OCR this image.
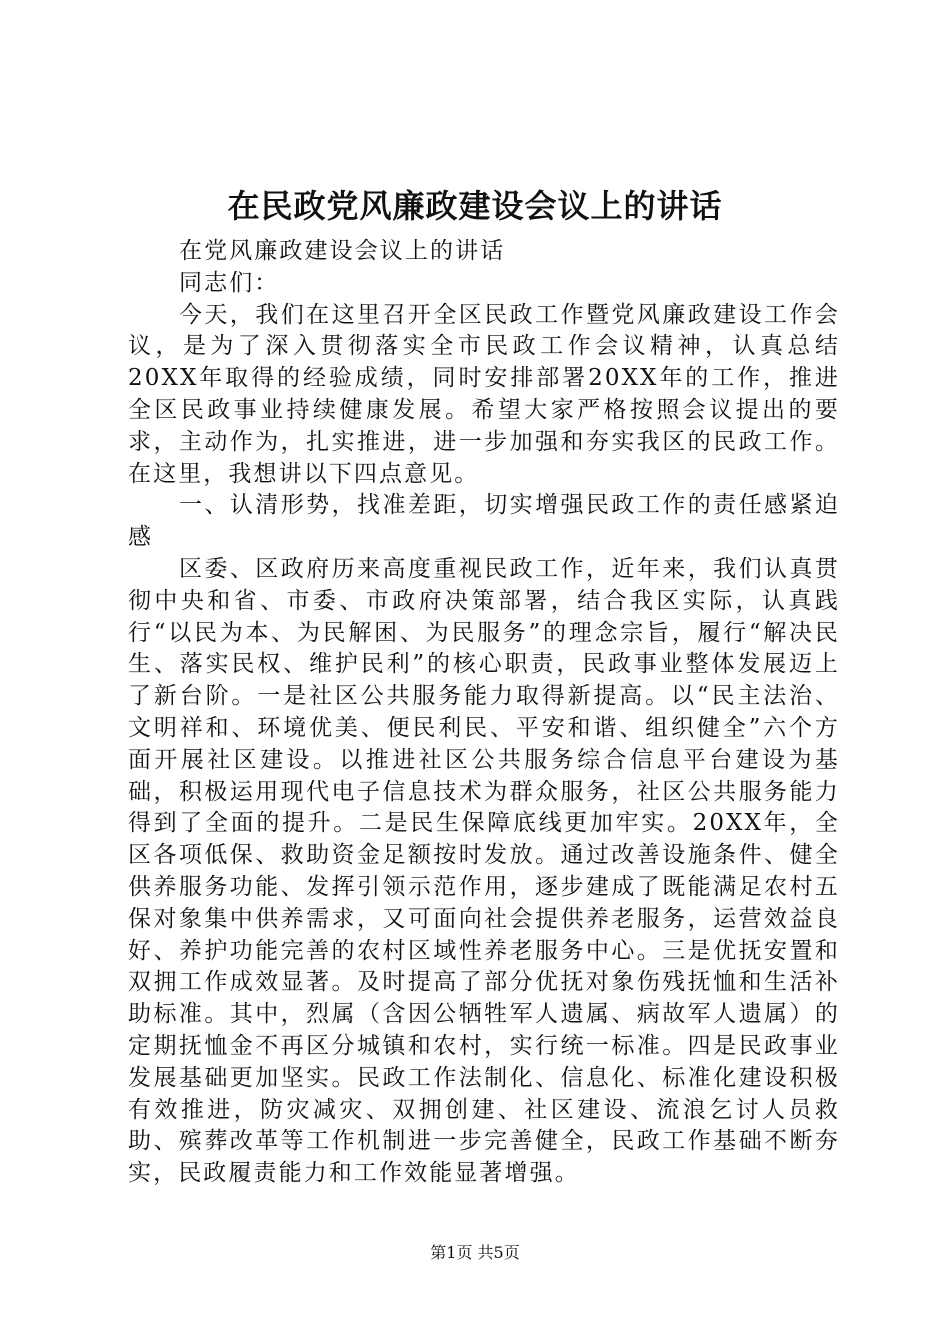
在民政党风廉政建设会议上的讲话

在党风廉政建设会议上的讲话

同志们：

今天，我们在这里召开全区民政工作暨党风廉政建设工作会议，是为了深入贯彻落实全市民政工作会议精神，认真总结20XX年取得的经验成绩，同时安排部署20XX年的工作，推进全区民政事业持续健康发展。希望大家严格按照会议提出的要求，主动作为，扎实推进，进一步加强和夯实我区的民政工作。在这里，我想讲以下四点意见。

一、认清形势，找准差距，切实增强民政工作的责任感紧迫感

区委、区政府历来高度重视民政工作，近年来，我们认真贯彻中央和省、市委、市政府决策部署，结合我区实际，认真践行“以民为本、为民解困、为民服务”的理念宗旨，履行“解决民生、落实民权、维护民利”的核心职责，民政事业整体发展迈上了新台阶。一是社区公共服务能力取得新提高。以“民主法治、文明祥和、环境优美、便民利民、平安和谐、组织健全”六个方面开展社区建设。以推进社区公共服务综合信息平台建设为基础，积极运用现代电子信息技术为群众服务，社区公共服务能力得到了全面的提升。二是民生保障底线更加牢实。20XX年，全区各项低保、救助资金足额按时发放。通过改善设施条件、健全供养服务功能、发挥引领示范作用，逐步建成了既能满足农村五保对象集中供养需求，又可面向社会提供养老服务，运营效益良好、养护功能完善的农村区域性养老服务中心。三是优抚安置和双拥工作成效显著。及时提高了部分优抚对象伤残抚恤和生活补助标准。其中，烈属（含因公牺牲军人遗属、病故军人遗属）的定期抚恤金不再区分城镇和农村，实行统一标准。四是民政事业发展基础更加坚实。民政工作法制化、信息化、标准化建设积极有效推进，防灾减灾、双拥创建、社区建设、流浪乞讨人员救助、殡葬改革等工作机制进一步完善健全，民政工作基础不断夯实，民政履责能力和工作效能显著增强。

第1页 共5页
